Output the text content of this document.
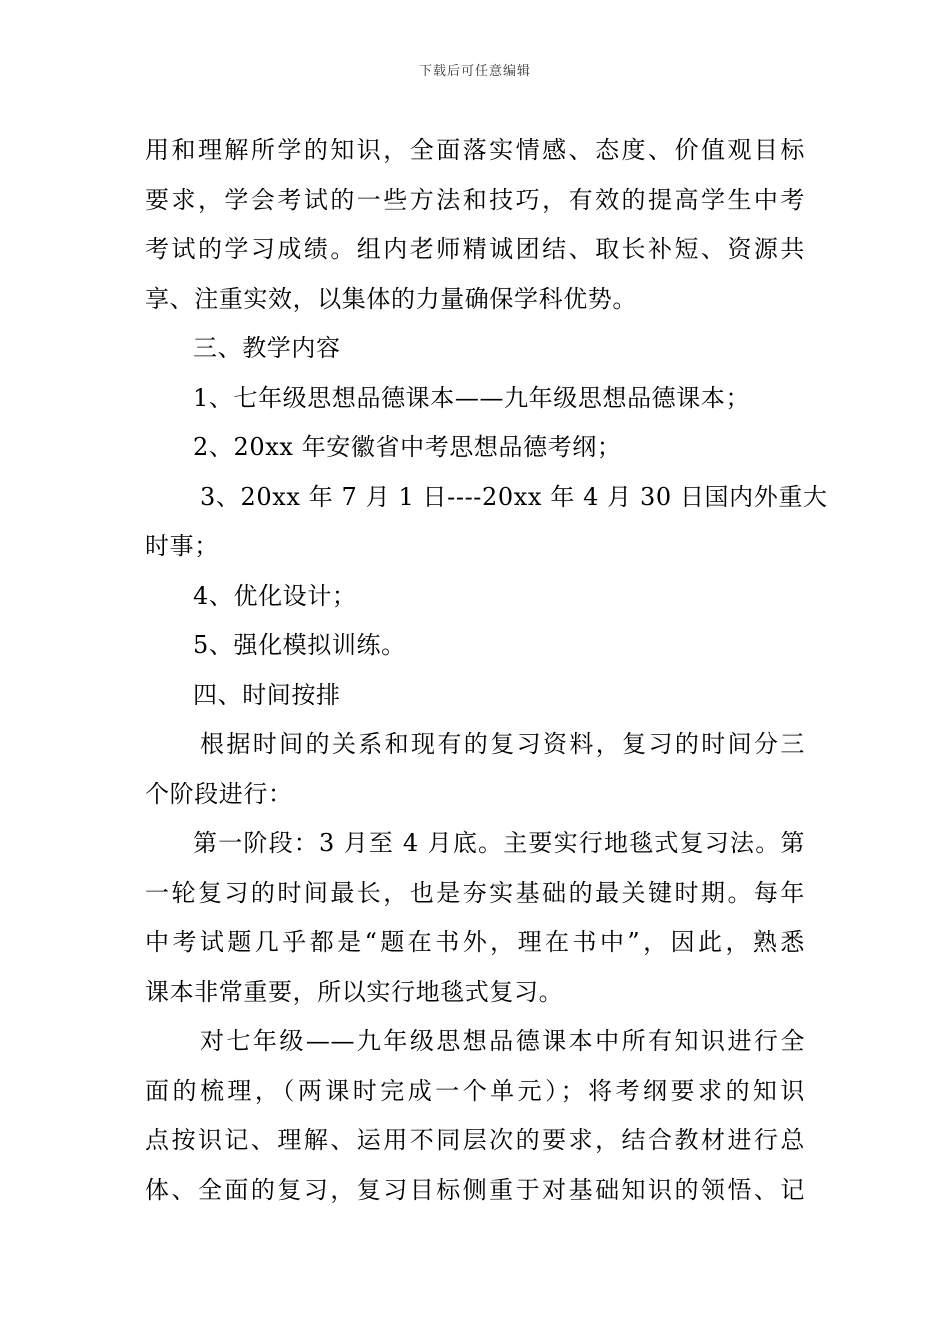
下载后可任意编辑
用和理解所学的知识，全面落实情感、态度、价值观目标
要求，学会考试的一些方法和技巧，有效的提高学生中考
考试的学习成绩。组内老师精诚团结、取长补短、资源共
享、注重实效，以集体的力量确保学科优势。
三、教学内容
1、七年级思想品德课本——九年级思想品德课本；
2、20xx 年安徽省中考思想品德考纲；
3、20xx 年 7 月 1 日----20xx 年 4 月 30 日国内外重大
时事；
4、优化设计；
5、强化模拟训练。
四、时间按排
根据时间的关系和现有的复习资料，复习的时间分三
个阶段进行：
第一阶段：3 月至 4 月底。主要实行地毯式复习法。第
一轮复习的时间最长，也是夯实基础的最关键时期。每年
中考试题几乎都是“题在书外，理在书中”，因此，熟悉
课本非常重要，所以实行地毯式复习。
对七年级——九年级思想品德课本中所有知识进行全
面的梳理，（两课时完成一个单元）；将考纲要求的知识
点按识记、理解、运用不同层次的要求，结合教材进行总
体、全面的复习，复习目标侧重于对基础知识的领悟、记
